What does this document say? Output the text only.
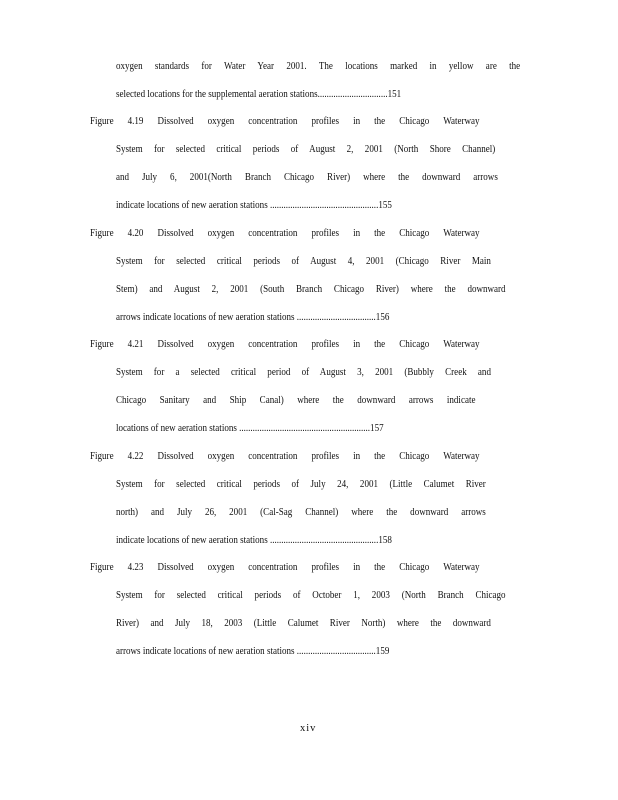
oxygen standards for Water Year 2001. The locations marked in yellow are the
selected locations for the supplemental aeration stations...............................151
Figure 4.19 Dissolved oxygen concentration profiles in the Chicago Waterway
System for selected critical periods of August 2, 2001 (North Shore Channel)
and July 6, 2001(North Branch Chicago River) where the downward arrows
indicate locations of new aeration stations ................................................155
Figure 4.20 Dissolved oxygen concentration profiles in the Chicago Waterway
System for selected critical periods of August 4, 2001 (Chicago River Main
Stem) and August 2, 2001 (South Branch Chicago River) where the downward
arrows indicate locations of new aeration stations ...................................156
Figure 4.21 Dissolved oxygen concentration profiles in the Chicago Waterway
System for a selected critical period of August 3, 2001 (Bubbly Creek and
Chicago Sanitary and Ship Canal) where the downward arrows indicate
locations of new aeration stations ..........................................................157
Figure 4.22 Dissolved oxygen concentration profiles in the Chicago Waterway
System for selected critical periods of July 24, 2001 (Little Calumet River
north) and July 26, 2001 (Cal-Sag Channel) where the downward arrows
indicate locations of new aeration stations ................................................158
Figure 4.23 Dissolved oxygen concentration profiles in the Chicago Waterway
System for selected critical periods of October 1, 2003 (North Branch Chicago
River) and July 18, 2003 (Little Calumet River North) where the downward
arrows indicate locations of new aeration stations ...................................159
xiv
